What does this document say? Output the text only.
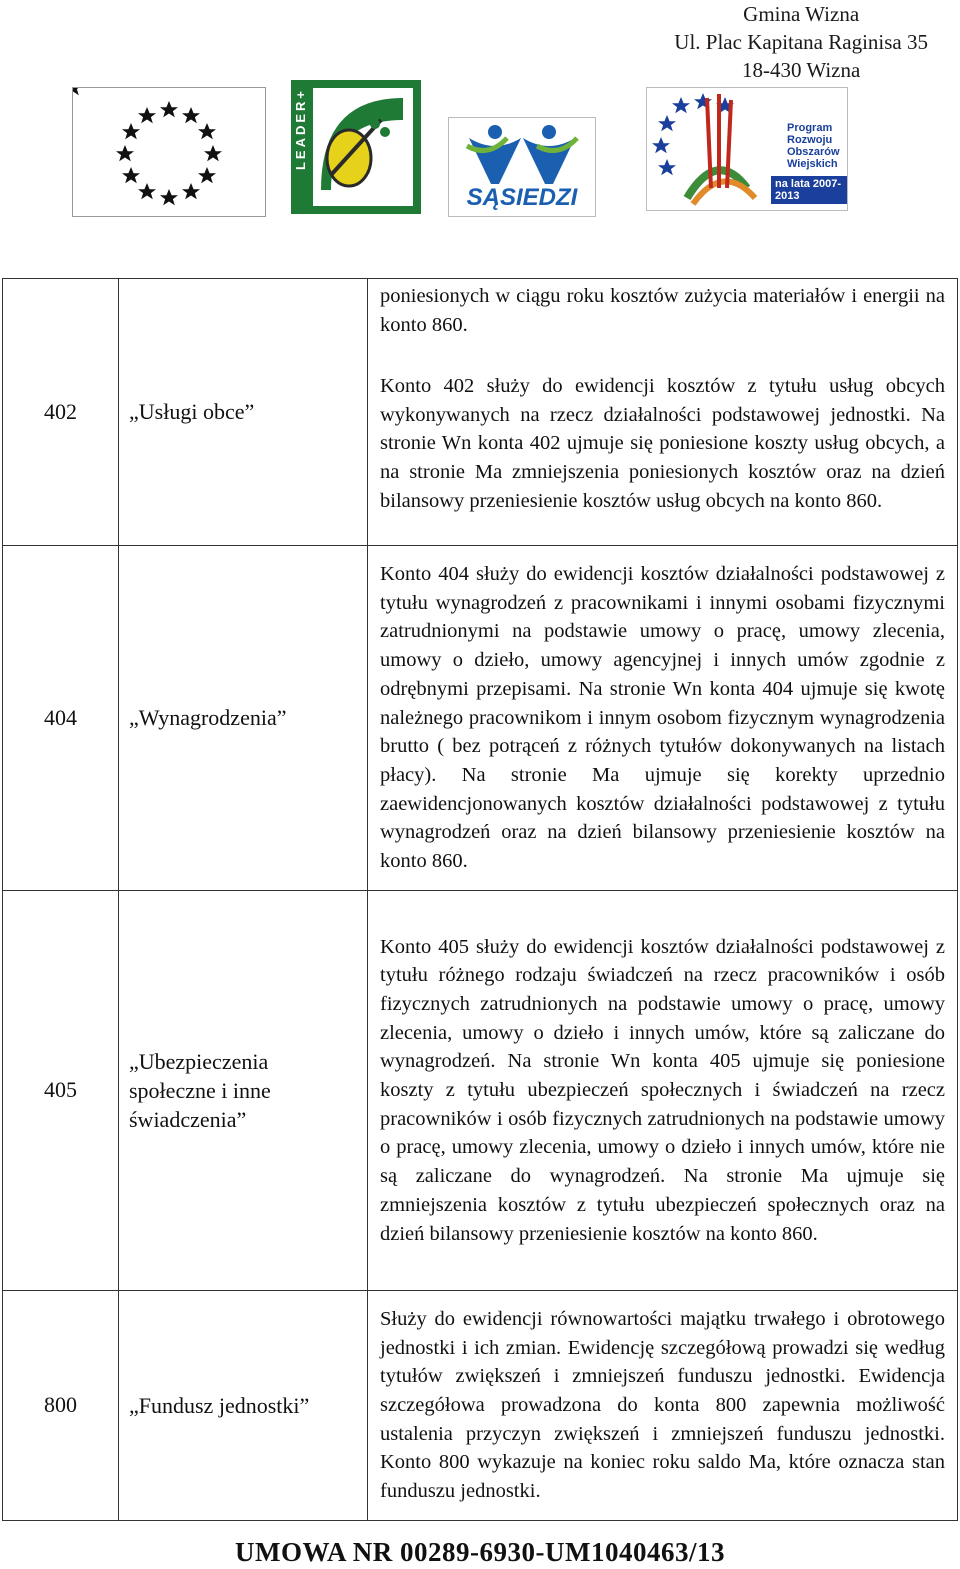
Gmina Wizna
Ul. Plac Kapitana Raginisa 35
18-430 Wizna
LEADER+
SĄSIEDZI
Program
Rozwoju
Obszarów
Wiejskich
na lata 2007-2013
402	„Usługi obce”	poniesionych w ciągu roku kosztów zużycia materiałów i energii na konto 860.

		Konto 402 służy do ewidencji kosztów z tytułu usług obcych wykonywanych na rzecz działalności podstawowej jednostki. Na stronie Wn konta 402 ujmuje się poniesione koszty usług obcych, a na stronie Ma zmniejszenia poniesionych kosztów oraz na dzień bilansowy przeniesienie kosztów usług obcych na konto 860.

404	„Wynagrodzenia”	Konto 404 służy do ewidencji kosztów działalności podstawowej z tytułu wynagrodzeń z pracownikami i innymi osobami fizycznymi zatrudnionymi na podstawie umowy o pracę, umowy zlecenia, umowy o dzieło, umowy agencyjnej i innych umów zgodnie z odrębnymi przepisami. Na stronie Wn konta 404 ujmuje się kwotę należnego pracownikom i innym osobom fizycznym wynagrodzenia brutto ( bez potrąceń z różnych tytułów dokonywanych na listach płacy). Na stronie Ma ujmuje się korekty uprzednio zaewidencjonowanych kosztów działalności podstawowej z tytułu wynagrodzeń oraz na dzień bilansowy przeniesienie kosztów na konto 860.

405	„Ubezpieczenia społeczne i inne świadczenia”	Konto 405 służy do ewidencji kosztów działalności podstawowej z tytułu różnego rodzaju świadczeń na rzecz pracowników i osób fizycznych zatrudnionych na podstawie umowy o pracę, umowy zlecenia, umowy o dzieło i innych umów, które są zaliczane do wynagrodzeń. Na stronie Wn konta 405 ujmuje się poniesione koszty z tytułu ubezpieczeń społecznych i świadczeń na rzecz pracowników i osób fizycznych zatrudnionych na podstawie umowy o pracę, umowy zlecenia, umowy o dzieło i innych umów, które nie są zaliczane do wynagrodzeń. Na stronie Ma ujmuje się zmniejszenia kosztów z tytułu ubezpieczeń społecznych oraz na dzień bilansowy przeniesienie kosztów na konto 860.

800	„Fundusz jednostki”	Służy do ewidencji równowartości majątku trwałego i obrotowego jednostki i ich zmian. Ewidencję szczegółową prowadzi się według tytułów zwiększeń i zmniejszeń funduszu jednostki. Ewidencja szczegółowa prowadzona do konta 800 zapewnia możliwość ustalenia przyczyn zwiększeń i zmniejszeń funduszu jednostki. Konto 800 wykazuje na koniec roku saldo Ma, które oznacza stan funduszu jednostki.
UMOWA NR 00289-6930-UM1040463/13
